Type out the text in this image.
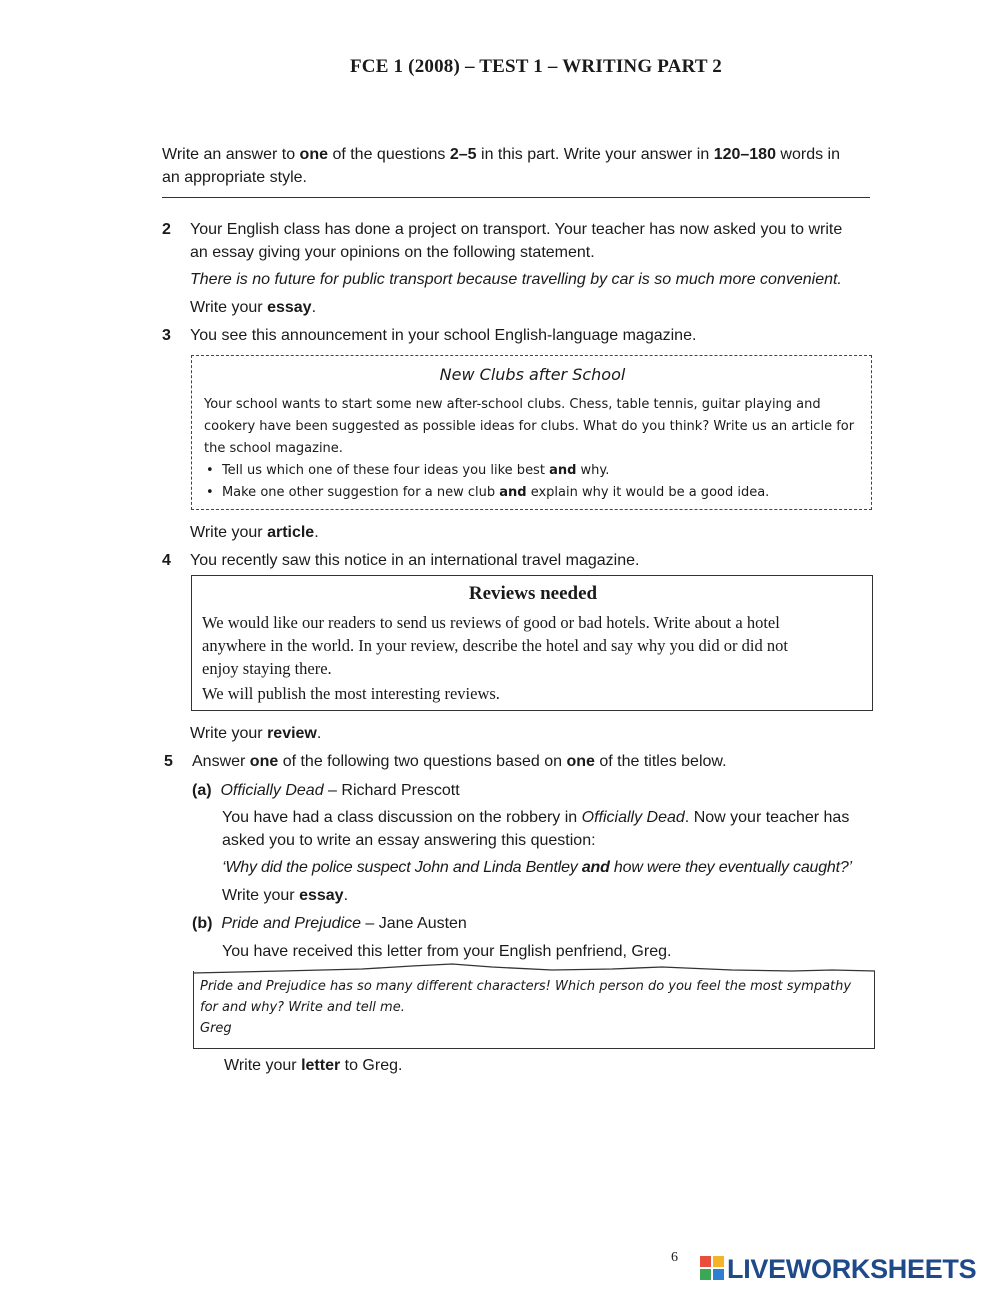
FCE 1 (2008) – TEST 1 – WRITING PART 2
Write an answer to one of the questions 2–5 in this part. Write your answer in 120–180 words in
an appropriate style.
2	Your English class has done a project on transport. Your teacher has now asked you to write
an essay giving your opinions on the following statement.
There is no future for public transport because travelling by car is so much more convenient.
Write your essay.
3	You see this announcement in your school English-language magazine.
New Clubs after School
Your school wants to start some new after-school clubs. Chess, table tennis, guitar playing and
cookery have been suggested as possible ideas for clubs. What do you think? Write us an article for
the school magazine.
•  Tell us which one of these four ideas you like best and why.
•  Make one other suggestion for a new club and explain why it would be a good idea.
Write your article.
4	You recently saw this notice in an international travel magazine.
Reviews needed
We would like our readers to send us reviews of good or bad hotels. Write about a hotel
anywhere in the world. In your review, describe the hotel and say why you did or did not
enjoy staying there.
We will publish the most interesting reviews.
Write your review.
5	Answer one of the following two questions based on one of the titles below.
(a) Officially Dead – Richard Prescott
You have had a class discussion on the robbery in Officially Dead. Now your teacher has
asked you to write an essay answering this question:
‘Why did the police suspect John and Linda Bentley and how were they eventually caught?’
Write your essay.
(b) Pride and Prejudice – Jane Austen
You have received this letter from your English penfriend, Greg.
Pride and Prejudice has so many different characters! Which person do you feel the most sympathy
for and why? Write and tell me.
Greg
Write your letter to Greg.
6 LIVEWORKSHEETS
